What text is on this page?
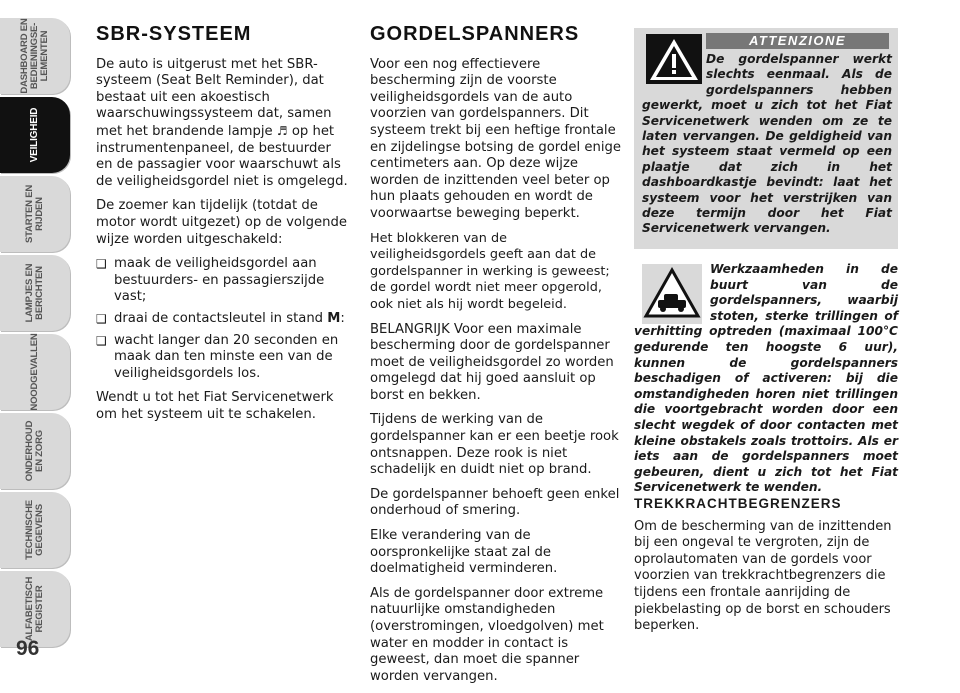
DASHBOARD EN
BEDIENINGSE-
LEMENTEN
VEILIGHEID
STARTEN EN
RIJDEN
LAMPJES EN
BERICHTEN
NOODGEVALLEN
ONDERHOUD
EN ZORG
TECHNISCHE
GEGEVENS
ALFABETISCH
REGISTER
96
SBR-SYSTEEM

De auto is uitgerust met het SBR-systeem (Seat Belt Reminder), dat bestaat uit een akoestisch waarschuwingssysteem dat, samen met het brandende lampje ♬ op het instrumentenpaneel, de bestuurder en de passagier voor waarschuwt als de veiligheidsgordel niet is omgelegd.

De zoemer kan tijdelijk (totdat de motor wordt uitgezet) op de volgende wijze worden uitgeschakeld:

❑ maak de veiligheidsgordel aan bestuurders- en passagierszijde vast;
❑ draai de contactsleutel in stand M:
❑ wacht langer dan 20 seconden en maak dan ten minste een van de veiligheidsgordels los.

Wendt u tot het Fiat Servicenetwerk om het systeem uit te schakelen.

GORDELSPANNERS

Voor een nog effectievere bescherming zijn de voorste veiligheidsgordels van de auto voorzien van gordelspanners. Dit systeem trekt bij een heftige frontale en zijdelingse botsing de gordel enige centimeters aan. Op deze wijze worden de inzittenden veel beter op hun plaats gehouden en wordt de voorwaartse beweging beperkt.

Het blokkeren van de veiligheidsgordels geeft aan dat de gordelspanner in werking is geweest; de gordel wordt niet meer opgerold, ook niet als hij wordt begeleid.

BELANGRIJK Voor een maximale bescherming door de gordelspanner moet de veiligheidsgordel zo worden omgelegd dat hij goed aansluit op borst en bekken.

Tijdens de werking van de gordelspanner kan er een beetje rook ontsnappen. Deze rook is niet schadelijk en duidt niet op brand.

De gordelspanner behoeft geen enkel onderhoud of smering.

Elke verandering van de oorspronkelijke staat zal de doelmatigheid verminderen.

Als de gordelspanner door extreme natuurlijke omstandigheden (overstromingen, vloedgolven) met water en modder in contact is geweest, dan moet die spanner worden vervangen.

ATTENZIONE
De gordelspanner werkt slechts eenmaal. Als de gordelspanners hebben gewerkt, moet u zich tot het Fiat Servicenetwerk wenden om ze te laten vervangen. De geldigheid van het systeem staat vermeld op een plaatje dat zich in het dashboardkastje bevindt: laat het systeem voor het verstrijken van deze termijn door het Fiat Servicenetwerk vervangen.
Werkzaamheden in de buurt van de gordelspanners, waarbij stoten, sterke trillingen of verhitting optreden (maximaal 100°C gedurende ten hoogste 6 uur), kunnen de gordelspanners beschadigen of activeren: bij die omstandigheden horen niet trillingen die voortgebracht worden door een slecht wegdek of door contacten met kleine obstakels zoals trottoirs. Als er iets aan de gordelspanners moet gebeuren, dient u zich tot het Fiat Servicenetwerk te wenden.
TREKKRACHTBEGRENZERS

Om de bescherming van de inzittenden bij een ongeval te vergroten, zijn de oprolautomaten van de gordels voor voorzien van trekkrachtbegrenzers die tijdens een frontale aanrijding de piekbelasting op de borst en schouders beperken.
